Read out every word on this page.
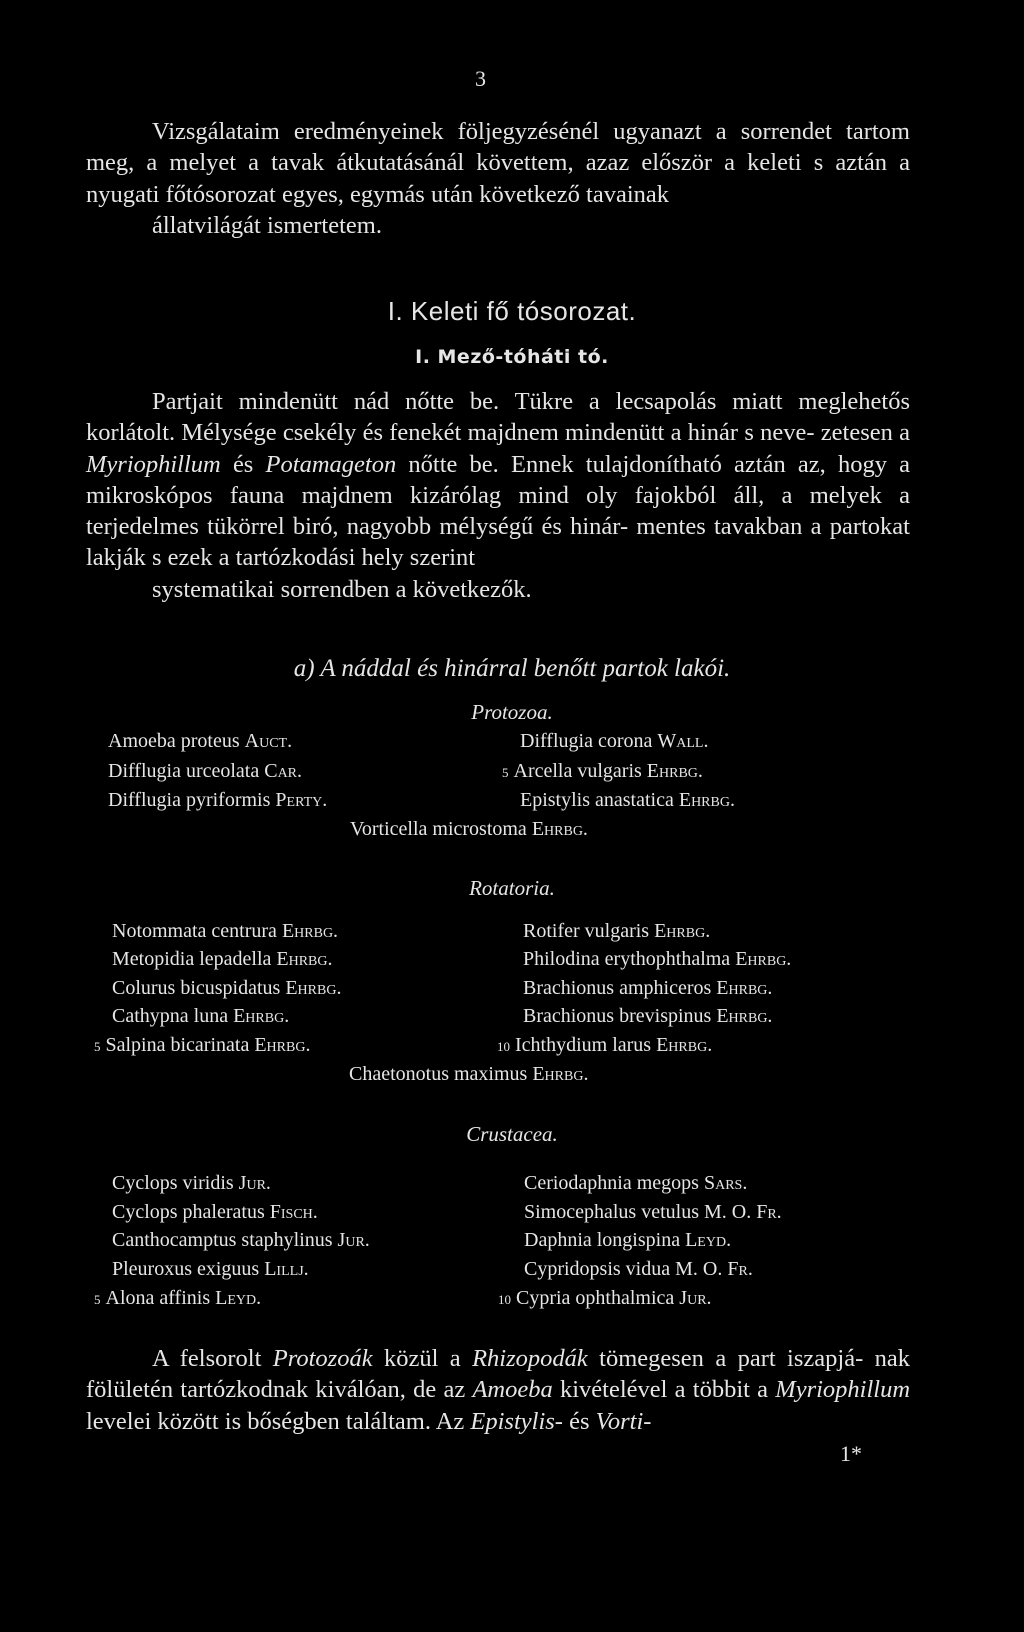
3

Vizsgálataim eredményeinek följegyzésénél ugyanazt a sorrendet tartom meg, a melyet a tavak átkutatásánál követtem, azaz először a keleti s aztán a nyugati főtósorozat egyes, egymás után következő tavainak
állatvilágát ismertetem.

I. Keleti fő tósorozat.
I. Mező-tóháti tó.

Partjait mindenütt nád nőtte be. Tükre a lecsapolás miatt meglehetős korlátolt. Mélysége csekély és fenekét majdnem mindenütt a hinár s neve- zetesen a Myriophillum és Potamageton nőtte be. Ennek tulajdonítható aztán az, hogy a mikroskópos fauna majdnem kizárólag mind oly fajokból áll, a melyek a terjedelmes tükörrel biró, nagyobb mélységű és hinár- mentes tavakban a partokat lakják s ezek a tartózkodási hely szerint
systematikai sorrendben a következők.

a) A náddal és hinárral benőtt partok lakói.
Protozoa.
Amoeba proteus Auct.
Difflugia urceolata Car.
Difflugia pyriformis Perty.
Difflugia corona Wall.
5 Arcella vulgaris Ehrbg.
Epistylis anastatica Ehrbg.
Vorticella microstoma Ehrbg.
Rotatoria.
Notommata centrura Ehrbg.
Metopidia lepadella Ehrbg.
Colurus bicuspidatus Ehrbg.
Cathypna luna Ehrbg.
5 Salpina bicarinata Ehrbg.
Rotifer vulgaris Ehrbg.
Philodina erythophthalma Ehrbg.
Brachionus amphiceros Ehrbg.
Brachionus brevispinus Ehrbg.
10 Ichthydium larus Ehrbg.
Chaetonotus maximus Ehrbg.
Crustacea.
Cyclops viridis Jur.
Cyclops phaleratus Fisch.
Canthocamptus staphylinus Jur.
Pleuroxus exiguus Lillj.
5 Alona affinis Leyd.
Ceriodaphnia megops Sars.
Simocephalus vetulus M. O. Fr.
Daphnia longispina Leyd.
Cypridopsis vidua M. O. Fr.
10 Cypria ophthalmica Jur.

A felsorolt Protozoák közül a Rhizopodák tömegesen a part iszapjá- nak fölületén tartózkodnak kiválóan, de az Amoeba kivételével a többit a Myriophillum levelei között is bőségben találtam. Az Epistylis- és Vorti-

1*
